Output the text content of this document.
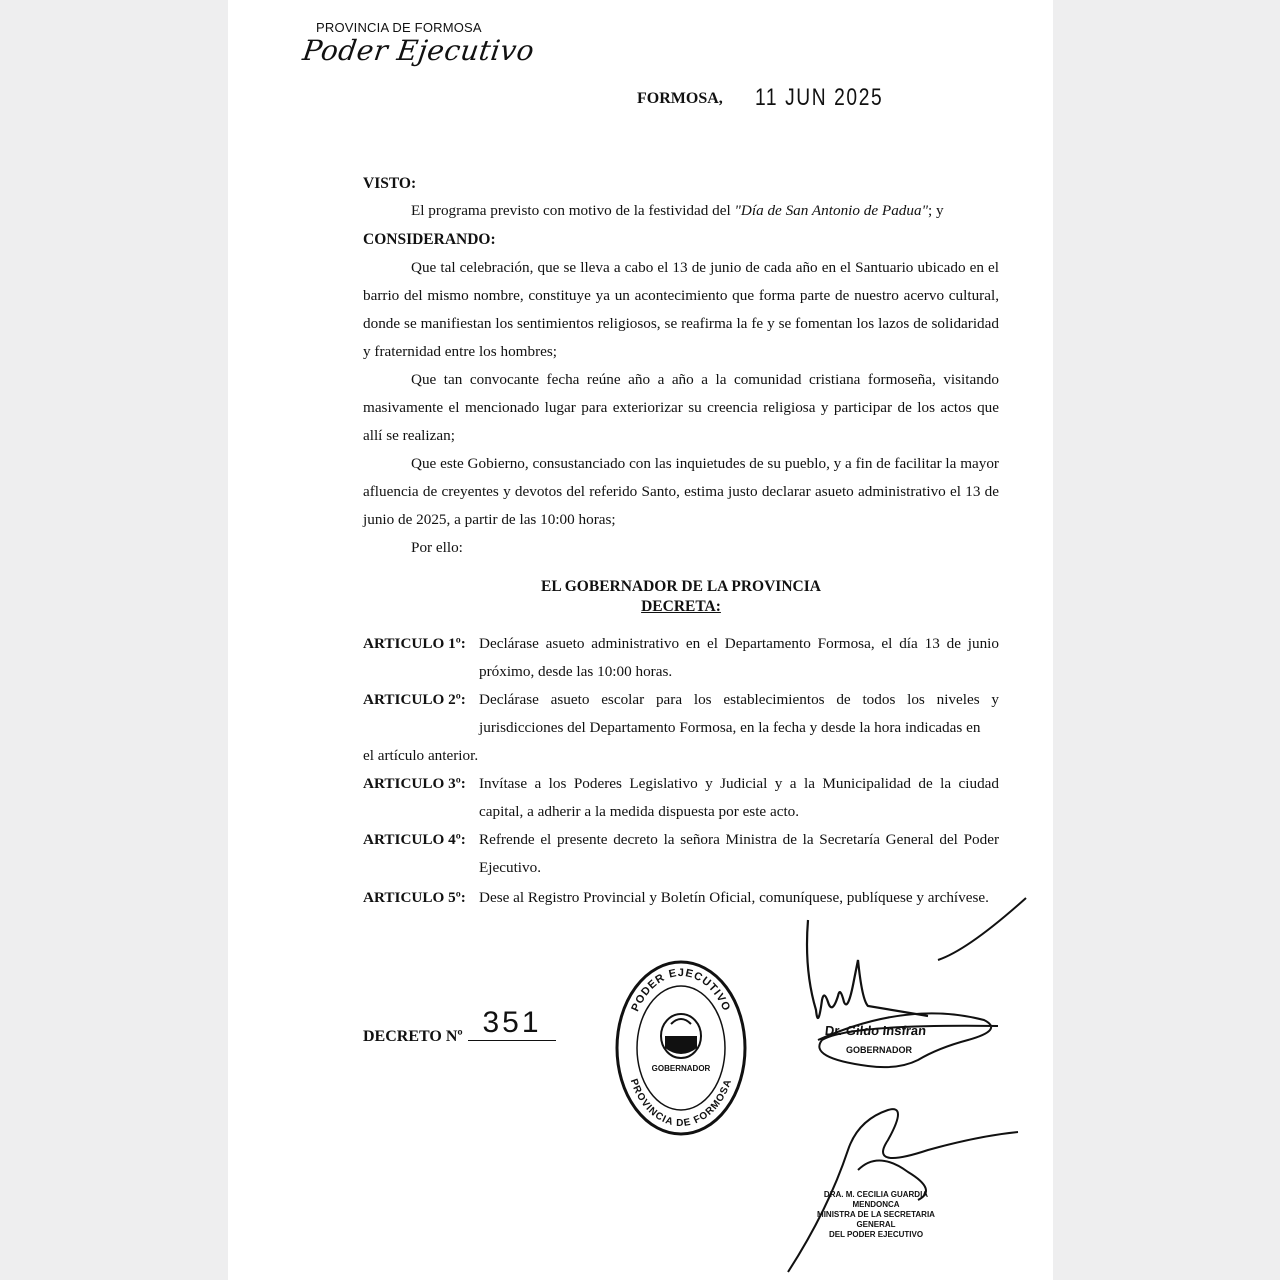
PROVINCIA DE FORMOSA
Poder Ejecutivo
FORMOSA, 11 JUN 2025
VISTO:
El programa previsto con motivo de la festividad del "Día de San Antonio de Padua"; y
CONSIDERANDO:
Que tal celebración, que se lleva a cabo el 13 de junio de cada año en el Santuario ubicado en el barrio del mismo nombre, constituye ya un acontecimiento que forma parte de nuestro acervo cultural, donde se manifiestan los sentimientos religiosos, se reafirma la fe y se fomentan los lazos de solidaridad y fraternidad entre los hombres;
Que tan convocante fecha reúne año a año a la comunidad cristiana formoseña, visitando masivamente el mencionado lugar para exteriorizar su creencia religiosa y participar de los actos que allí se realizan;
Que este Gobierno, consustanciado con las inquietudes de su pueblo, y a fin de facilitar la mayor afluencia de creyentes y devotos del referido Santo, estima justo declarar asueto administrativo el 13 de junio de 2025, a partir de las 10:00 horas;
Por ello:
EL GOBERNADOR DE LA PROVINCIA
DECRETA:
ARTICULO 1º: Declárase asueto administrativo en el Departamento Formosa, el día 13 de junio próximo, desde las 10:00 horas.
ARTICULO 2º: Declárase asueto escolar para los establecimientos de todos los niveles y jurisdicciones del Departamento Formosa, en la fecha y desde la hora indicadas en
el artículo anterior.
ARTICULO 3º: Invítase a los Poderes Legislativo y Judicial y a la Municipalidad de la ciudad capital, a adherir a la medida dispuesta por este acto.
ARTICULO 4º: Refrende el presente decreto la señora Ministra de la Secretaría General del Poder Ejecutivo.
ARTICULO 5º: Dese al Registro Provincial y Boletín Oficial, comuníquese, publíquese y archívese.
DECRETO Nº 351	PODER EJECUTIVO
PROVINCIA DE FORMOSA
GOBERNADOR
Dr. Gildo Insfrán
GOBERNADOR
DRA. M. CECILIA GUARDIA MENDONCA
MINISTRA DE LA SECRETARIA GENERAL
DEL PODER EJECUTIVO
